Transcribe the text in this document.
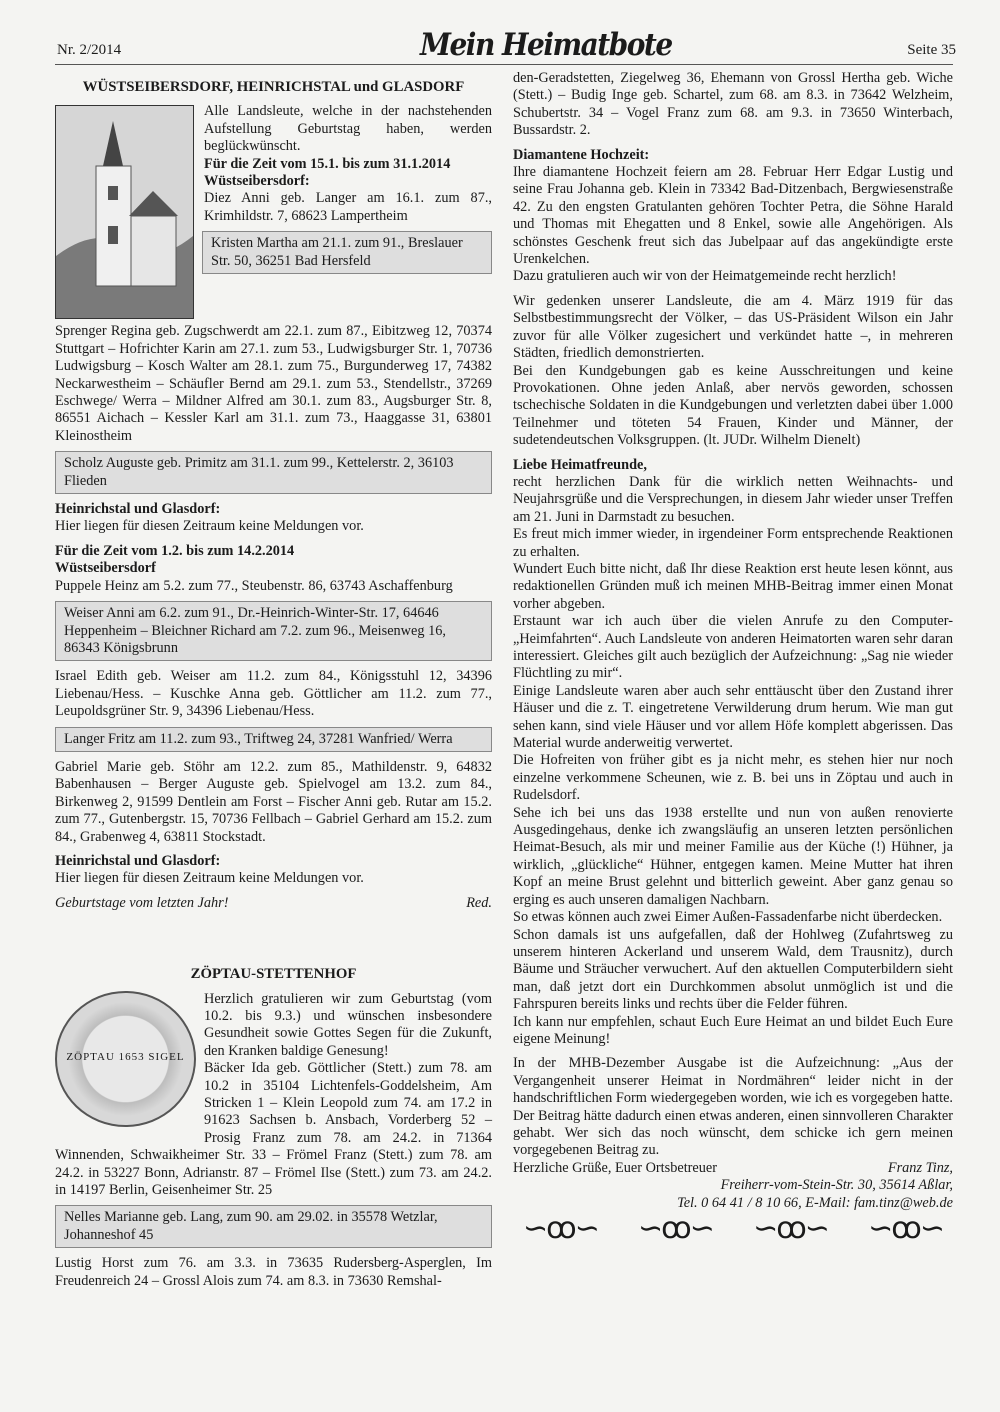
Nr. 2/2014	Mein Heimatbote	Seite 35
WÜSTSEIBERSDORF, HEINRICHSTAL und GLASDORF

Alle Landsleute, welche in der nachstehenden Aufstellung Geburtstag haben, werden beglückwünscht.

Für die Zeit vom 15.1. bis zum 31.1.2014

Wüstseibersdorf:

Diez Anni geb. Langer am 16.1. zum 87., Krimhildstr. 7, 68623 Lampertheim

Kristen Martha am 21.1. zum 91., Breslauer Str. 50, 36251 Bad Hersfeld

Sprenger Regina geb. Zugschwerdt am 22.1. zum 87., Eibitzweg 12, 70374 Stuttgart – Hofrichter Karin am 27.1. zum 53., Ludwigsburger Str. 1, 70736 Ludwigsburg – Kosch Walter am 28.1. zum 75., Burgunderweg 17, 74382 Neckarwestheim – Schäufler Bernd am 29.1. zum 53., Stendellstr., 37269 Eschwege/ Werra – Mildner Alfred am 30.1. zum 83., Augsburger Str. 8, 86551 Aichach – Kessler Karl am 31.1. zum 73., Haaggasse 31, 63801 Kleinostheim

Scholz Auguste geb. Primitz am 31.1. zum 99., Kettelerstr. 2, 36103 Flieden

Heinrichstal und Glasdorf:

Hier liegen für diesen Zeitraum keine Meldungen vor.

Für die Zeit vom 1.2. bis zum 14.2.2014

Wüstseibersdorf

Puppele Heinz am 5.2. zum 77., Steubenstr. 86, 63743 Aschaffenburg

Weiser Anni am 6.2. zum 91., Dr.-Heinrich-Winter-Str. 17, 64646 Heppenheim – Bleichner Richard am 7.2. zum 96., Meisenweg 16, 86343 Königsbrunn

Israel Edith geb. Weiser am 11.2. zum 84., Königsstuhl 12, 34396 Liebenau/Hess. – Kuschke Anna geb. Göttlicher am 11.2. zum 77., Leupoldsgrüner Str. 9, 34396 Liebenau/Hess.

Langer Fritz am 11.2. zum 93., Triftweg 24, 37281 Wanfried/ Werra

Gabriel Marie geb. Stöhr am 12.2. zum 85., Mathildenstr. 9, 64832 Babenhausen – Berger Auguste geb. Spielvogel am 13.2. zum 84., Birkenweg 2, 91599 Dentlein am Forst – Fischer Anni geb. Rutar am 15.2. zum 77., Gutenbergstr. 15, 70736 Fellbach – Gabriel Gerhard am 15.2. zum 84., Grabenweg 4, 63811 Stockstadt.

Heinrichstal und Glasdorf:

Hier liegen für diesen Zeitraum keine Meldungen vor.

Geburtstage vom letzten Jahr!	Red.

ZÖPTAU-STETTENHOF
ZÖPTAU 1653 SIGEL

Herzlich gratulieren wir zum Geburtstag (vom 10.2. bis 9.3.) und wünschen insbesondere Gesundheit sowie Gottes Segen für die Zukunft, den Kranken baldige Genesung!

Bäcker Ida geb. Göttlicher (Stett.) zum 78. am 10.2 in 35104 Lichtenfels-Goddelsheim, Am Stricken 1 – Klein Leopold zum 74. am 17.2 in 91623 Sachsen b. Ansbach, Vorderberg 52 – Prosig Franz zum 78. am 24.2. in 71364 Winnenden, Schwaikheimer Str. 33 – Frömel Franz (Stett.) zum 78. am 24.2. in 53227 Bonn, Adrianstr. 87 – Frömel Ilse (Stett.) zum 73. am 24.2. in 14197 Berlin, Geisenheimer Str. 25

Nelles Marianne geb. Lang, zum 90. am 29.02. in 35578 Wetzlar, Johanneshof 45

Lustig Horst zum 76. am 3.3. in 73635 Rudersberg-Asperglen, Im Freudenreich 24 – Grossl Alois zum 74. am 8.3. in 73630 Remshal-

den-Geradstetten, Ziegelweg 36, Ehemann von Grossl Hertha geb. Wiche (Stett.) – Budig Inge geb. Schartel, zum 68. am 8.3. in 73642 Welzheim, Schubertstr. 34 – Vogel Franz zum 68. am 9.3. in 73650 Winterbach, Bussardstr. 2.

Diamantene Hochzeit:

Ihre diamantene Hochzeit feiern am 28. Februar Herr Edgar Lustig und seine Frau Johanna geb. Klein in 73342 Bad-Ditzenbach, Bergwiesenstraße 42. Zu den engsten Gratulanten gehören Tochter Petra, die Söhne Harald und Thomas mit Ehegatten und 8 Enkel, sowie alle Angehörigen. Als schönstes Geschenk freut sich das Jubelpaar auf das angekündigte erste Urenkelchen.

Dazu gratulieren auch wir von der Heimatgemeinde recht herzlich!

Wir gedenken unserer Landsleute, die am 4. März 1919 für das Selbstbestimmungsrecht der Völker, – das US-Präsident Wilson ein Jahr zuvor für alle Völker zugesichert und verkündet hatte –, in mehreren Städten, friedlich demonstrierten.

Bei den Kundgebungen gab es keine Ausschreitungen und keine Provokationen. Ohne jeden Anlaß, aber nervös geworden, schossen tschechische Soldaten in die Kundgebungen und verletzten dabei über 1.000 Teilnehmer und töteten 54 Frauen, Kinder und Männer, der sudetendeutschen Volksgruppen. (lt. JUDr. Wilhelm Dienelt)

Liebe Heimatfreunde,

recht herzlichen Dank für die wirklich netten Weihnachts- und Neujahrsgrüße und die Versprechungen, in diesem Jahr wieder unser Treffen am 21. Juni in Darmstadt zu besuchen.

Es freut mich immer wieder, in irgendeiner Form entsprechende Reaktionen zu erhalten.

Wundert Euch bitte nicht, daß Ihr diese Reaktion erst heute lesen könnt, aus redaktionellen Gründen muß ich meinen MHB-Beitrag immer einen Monat vorher abgeben.

Erstaunt war ich auch über die vielen Anrufe zu den Computer-„Heimfahrten“. Auch Landsleute von anderen Heimatorten waren sehr daran interessiert. Gleiches gilt auch bezüglich der Aufzeichnung: „Sag nie wieder Flüchtling zu mir“.

Einige Landsleute waren aber auch sehr enttäuscht über den Zustand ihrer Häuser und die z. T. eingetretene Verwilderung drum herum. Wie man gut sehen kann, sind viele Häuser und vor allem Höfe komplett abgerissen. Das Material wurde anderweitig verwertet.

Die Hofreiten von früher gibt es ja nicht mehr, es stehen hier nur noch einzelne verkommene Scheunen, wie z. B. bei uns in Zöptau und auch in Rudelsdorf.

Sehe ich bei uns das 1938 erstellte und nun von außen renovierte Ausgedingehaus, denke ich zwangsläufig an unseren letzten persönlichen Heimat-Besuch, als mir und meiner Familie aus der Küche (!) Hühner, ja wirklich, „glückliche“ Hühner, entgegen kamen. Meine Mutter hat ihren Kopf an meine Brust gelehnt und bitterlich geweint. Aber ganz genau so erging es auch unseren damaligen Nachbarn.

So etwas können auch zwei Eimer Außen-Fassadenfarbe nicht überdecken.

Schon damals ist uns aufgefallen, daß der Hohlweg (Zufahrtsweg zu unserem hinteren Ackerland und unserem Wald, dem Trausnitz), durch Bäume und Sträucher verwuchert. Auf den aktuellen Computerbildern sieht man, daß jetzt dort ein Durchkommen absolut unmöglich ist und die Fahrspuren bereits links und rechts über die Felder führen.

Ich kann nur empfehlen, schaut Euch Eure Heimat an und bildet Euch Eure eigene Meinung!

In der MHB-Dezember Ausgabe ist die Aufzeichnung: „Aus der Vergangenheit unserer Heimat in Nordmähren“ leider nicht in der handschriftlichen Form wiedergegeben worden, wie ich es vorgegeben hatte. Der Beitrag hätte dadurch einen etwas anderen, einen sinnvolleren Charakter gehabt. Wer sich das noch wünscht, dem schicke ich gern meinen vorgegebenen Beitrag zu.

Herzliche Grüße, Euer Ortsbetreuer	Franz Tinz,

Freiherr-vom-Stein-Str. 30, 35614 Aßlar,

Tel. 0 64 41 / 8 10 66, E-Mail: fam.tinz@web.de

∽ꝏ∽ ∽ꝏ∽ ∽ꝏ∽ ∽ꝏ∽
